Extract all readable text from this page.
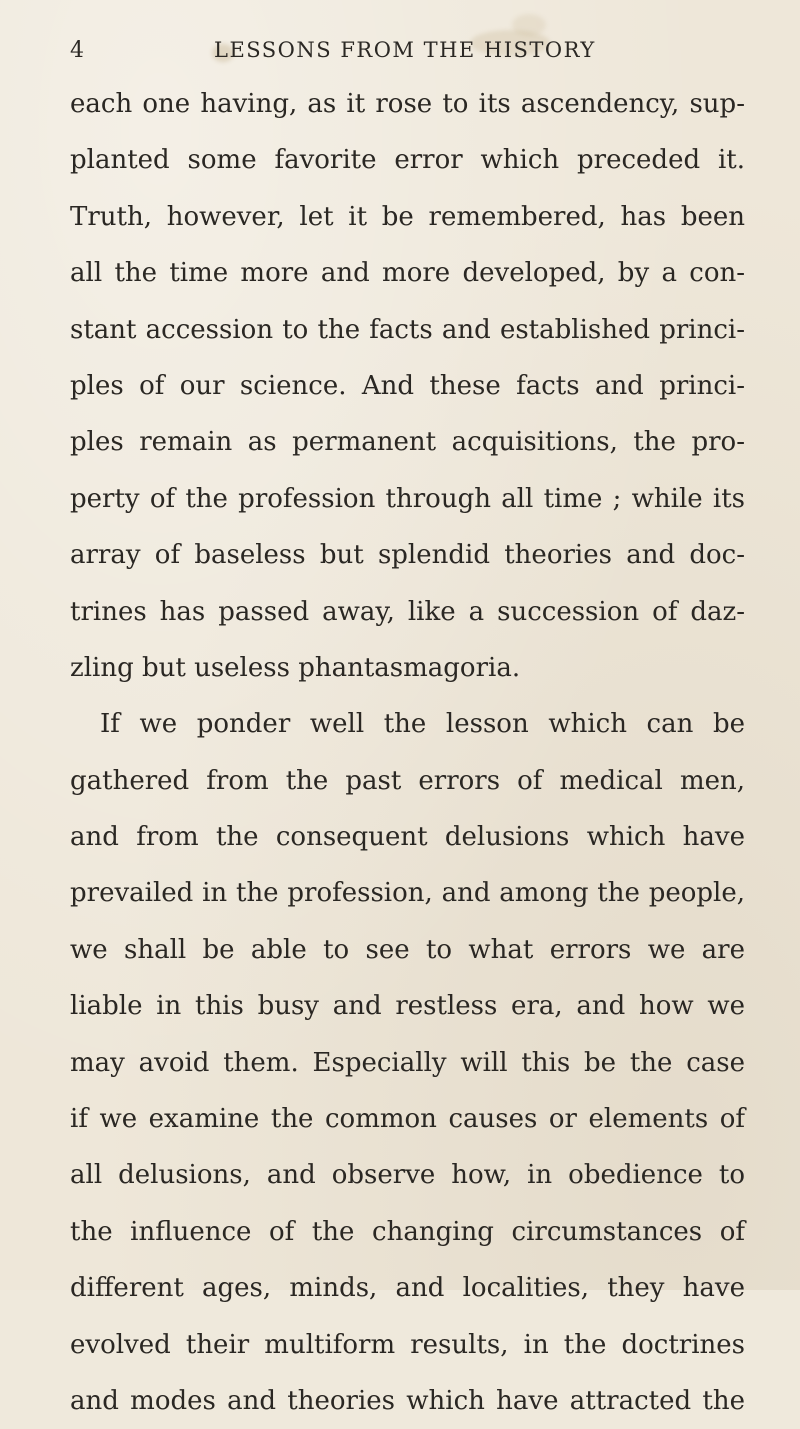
4	LESSONS FROM THE HISTORY
each one having, as it rose to its ascendency, sup-
planted some favorite error which preceded it.
Truth, however, let it be remembered, has been
all the time more and more developed, by a con-
stant accession to the facts and established princi-
ples of our science. And these facts and princi-
ples remain as permanent acquisitions, the pro-
perty of the profession through all time ; while its
array of baseless but splendid theories and doc-
trines has passed away, like a succession of daz-
zling but useless phantasmagoria.
If we ponder well the lesson which can be
gathered from the past errors of medical men,
and from the consequent delusions which have
prevailed in the profession, and among the people,
we shall be able to see to what errors we are
liable in this busy and restless era, and how we
may avoid them. Especially will this be the case
if we examine the common causes or elements of
all delusions, and observe how, in obedience to
the influence of the changing circumstances of
different ages, minds, and localities, they have
evolved their multiform results, in the doctrines
and modes and theories which have attracted the
